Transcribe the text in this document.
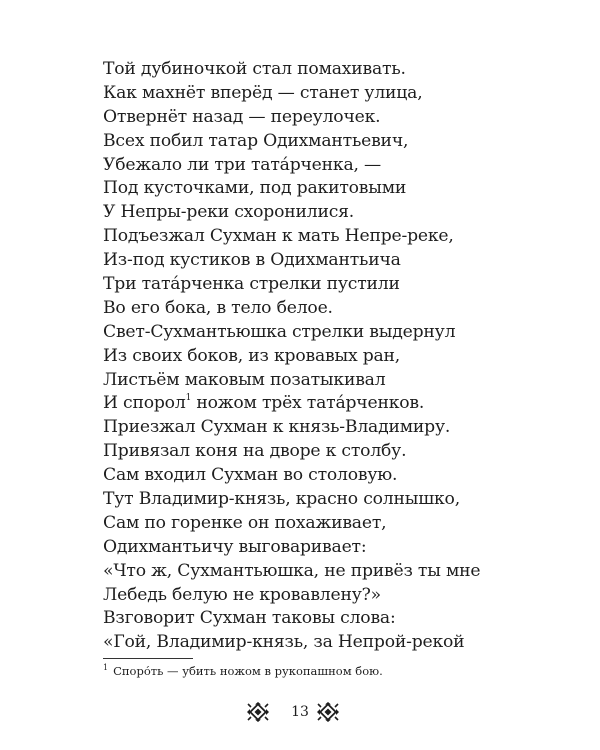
Той дубиночкой стал помахивать.
Как махнёт вперёд — станет улица,
Отвернёт назад — переулочек.
Всех побил татар Одихмантьевич,
Убежало ли три тата́рченка, —
Под кусточками, под ракитовыми
У Непры-реки схоронилися.
Подъезжал Сухман к мать Непре-реке,
Из-под кустиков в Одихмантьича
Три тата́рченка стрелки пустили
Во его бока, в тело белое.
Свет-Сухмантьюшка стрелки выдернул
Из своих боков, из кровавых ран,
Листьём маковым позатыкивал
И спорол$^1$ ножом трёх тата́рченков.
Приезжал Сухман к князь-Владимиру.
Привязал коня на дворе к столбу.
Сам входил Сухман во столовую.
Тут Владимир-князь, красно солнышко,
Сам по горенке он похаживает,
Одихмантьичу выговаривает:
«Что ж, Сухмантьюшка, не привёз ты мне
Лебедь белую не кровавлену?»
Взговорит Сухман таковы слова:
«Гой, Владимир-князь, за Непрой-рекой
$^1$ Споро́ть — убить ножом в рукопашном бою.
13
